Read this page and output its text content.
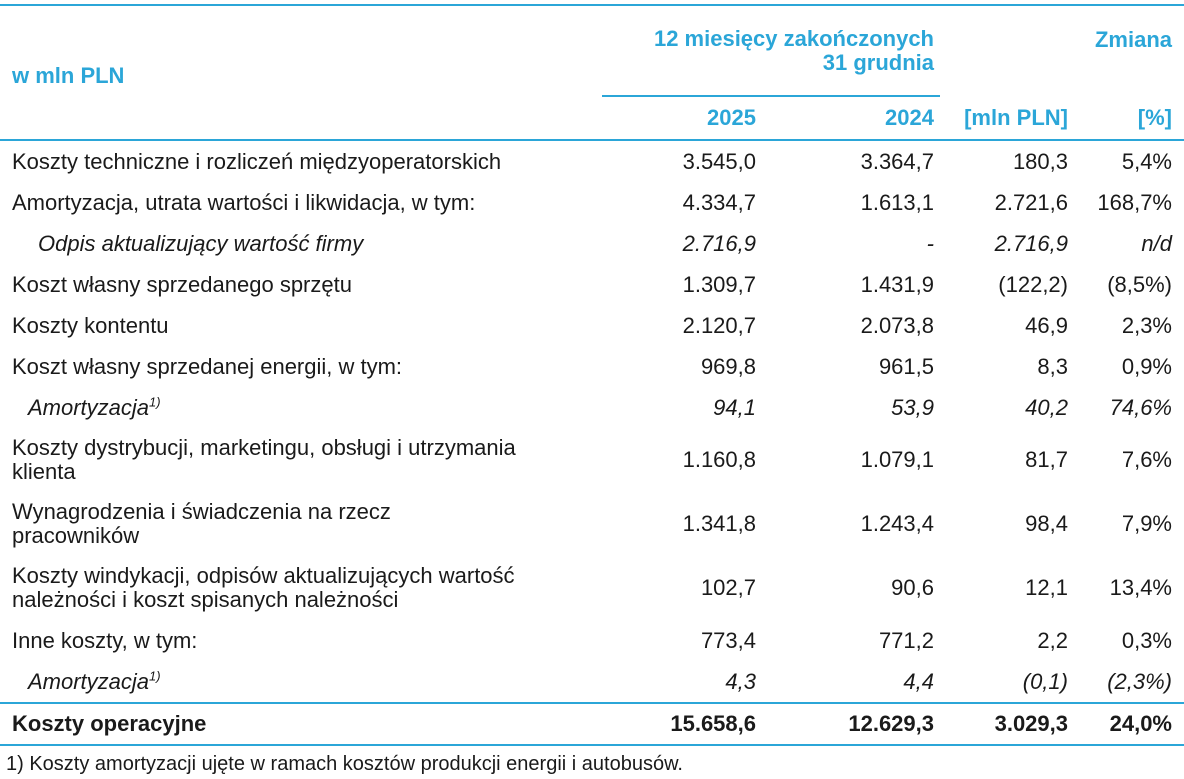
w mln PLN	12 miesięcy zakończonych
31 grudnia		Zmiana	
	2025	2024	[mln PLN]	[%]
Koszty techniczne i rozliczeń międzyoperatorskich	3.545,0	3.364,7	180,3	5,4%
Amortyzacja, utrata wartości i likwidacja, w tym:	4.334,7	1.613,1	2.721,6	168,7%
Odpis aktualizujący wartość firmy	2.716,9	-	2.716,9	n/d
Koszt własny sprzedanego sprzętu	1.309,7	1.431,9	(122,2)	(8,5%)
Koszty kontentu	2.120,7	2.073,8	46,9	2,3%
Koszt własny sprzedanej energii, w tym:	969,8	961,5	8,3	0,9%
Amortyzacja$^{1)}$	94,1	53,9	40,2	74,6%
Koszty dystrybucji, marketingu, obsługi i utrzymania
klienta	1.160,8	1.079,1	81,7	7,6%
Wynagrodzenia i świadczenia na rzecz
pracowników	1.341,8	1.243,4	98,4	7,9%
Koszty windykacji, odpisów aktualizujących wartość
należności i koszt spisanych należności	102,7	90,6	12,1	13,4%
Inne koszty, w tym:	773,4	771,2	2,2	0,3%
Amortyzacja$^{1)}$	4,3	4,4	(0,1)	(2,3%)
Koszty operacyjne	15.658,6	12.629,3	3.029,3	24,0%
1) Koszty amortyzacji ujęte w ramach kosztów produkcji energii i autobusów.
